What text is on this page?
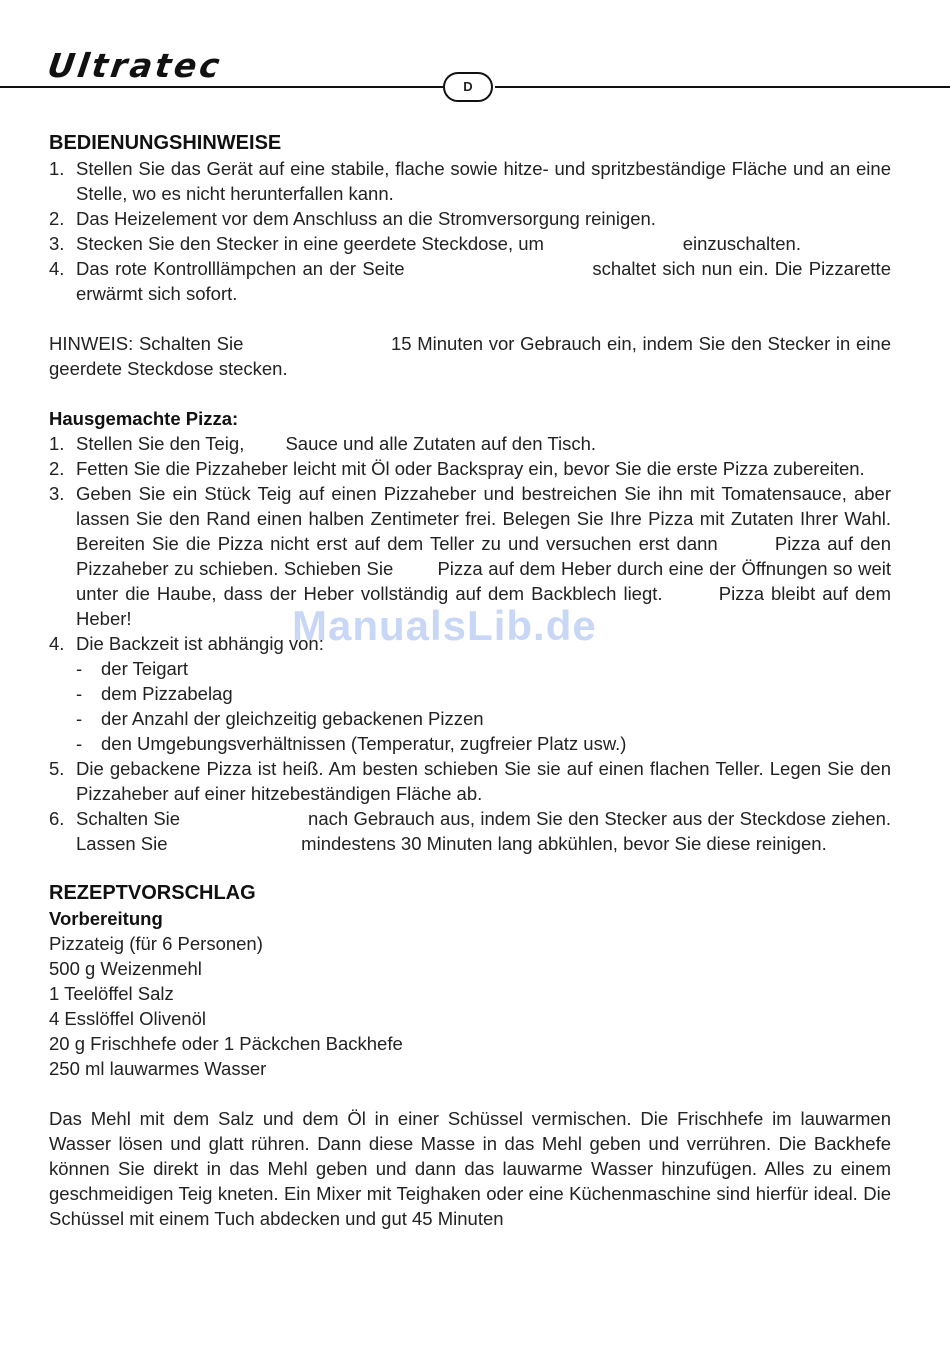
Ultratec
D
BEDIENUNGSHINWEISE
1. Stellen Sie das Gerät auf eine stabile, flache sowie hitze- und spritzbeständige Fläche und an eine Stelle, wo es nicht herunterfallen kann.
2. Das Heizelement vor dem Anschluss an die Stromversorgung reinigen.
3. Stecken Sie den Stecker in eine geerdete Steckdose, um                           einzuschalten.
4. Das rote Kontrolllämpchen an der Seite                              schaltet sich nun ein. Die Pizzarette erwärmt sich sofort.

HINWEIS: Schalten Sie                          15 Minuten vor Gebrauch ein, indem Sie den Stecker in eine geerdete Steckdose stecken.

Hausgemachte Pizza:
1. Stellen Sie den Teig,        Sauce und alle Zutaten auf den Tisch.
2. Fetten Sie die Pizzaheber leicht mit Öl oder Backspray ein, bevor Sie die erste Pizza zubereiten.
3. Geben Sie ein Stück Teig auf einen Pizzaheber und bestreichen Sie ihn mit Tomatensauce, aber lassen Sie den Rand einen halben Zentimeter frei. Belegen Sie Ihre Pizza mit Zutaten Ihrer Wahl. Bereiten Sie die Pizza nicht erst auf dem Teller zu und versuchen erst dann        Pizza auf den Pizzaheber zu schieben. Schieben Sie        Pizza auf dem Heber durch eine der Öffnungen so weit unter die Haube, dass der Heber vollständig auf dem Backblech liegt.        Pizza bleibt auf dem Heber!
4. Die Backzeit ist abhängig von:
- der Teigart
- dem Pizzabelag
- der Anzahl der gleichzeitig gebackenen Pizzen
- den Umgebungsverhältnissen (Temperatur, zugfreier Platz usw.)
5. Die gebackene Pizza ist heiß. Am besten schieben Sie sie auf einen flachen Teller. Legen Sie den Pizzaheber auf einer hitzebeständigen Fläche ab.
6. Schalten Sie                        nach Gebrauch aus, indem Sie den Stecker aus der Steckdose ziehen. Lassen Sie                          mindestens 30 Minuten lang abkühlen, bevor Sie diese reinigen.
REZEPTVORSCHLAG
Vorbereitung
Pizzateig (für 6 Personen)
500 g Weizenmehl
1 Teelöffel Salz
4 Esslöffel Olivenöl
20 g Frischhefe oder 1 Päckchen Backhefe
250 ml lauwarmes Wasser

Das Mehl mit dem Salz und dem Öl in einer Schüssel vermischen. Die Frischhefe im lauwarmen Wasser lösen und glatt rühren. Dann diese Masse in das Mehl geben und verrühren. Die Backhefe können Sie direkt in das Mehl geben und dann das lauwarme Wasser hinzufügen. Alles zu einem geschmeidigen Teig kneten. Ein Mixer mit Teighaken oder eine Küchenmaschine sind hierfür ideal. Die Schüssel mit einem Tuch abdecken und gut 45 Minuten

ManualsLib.de
